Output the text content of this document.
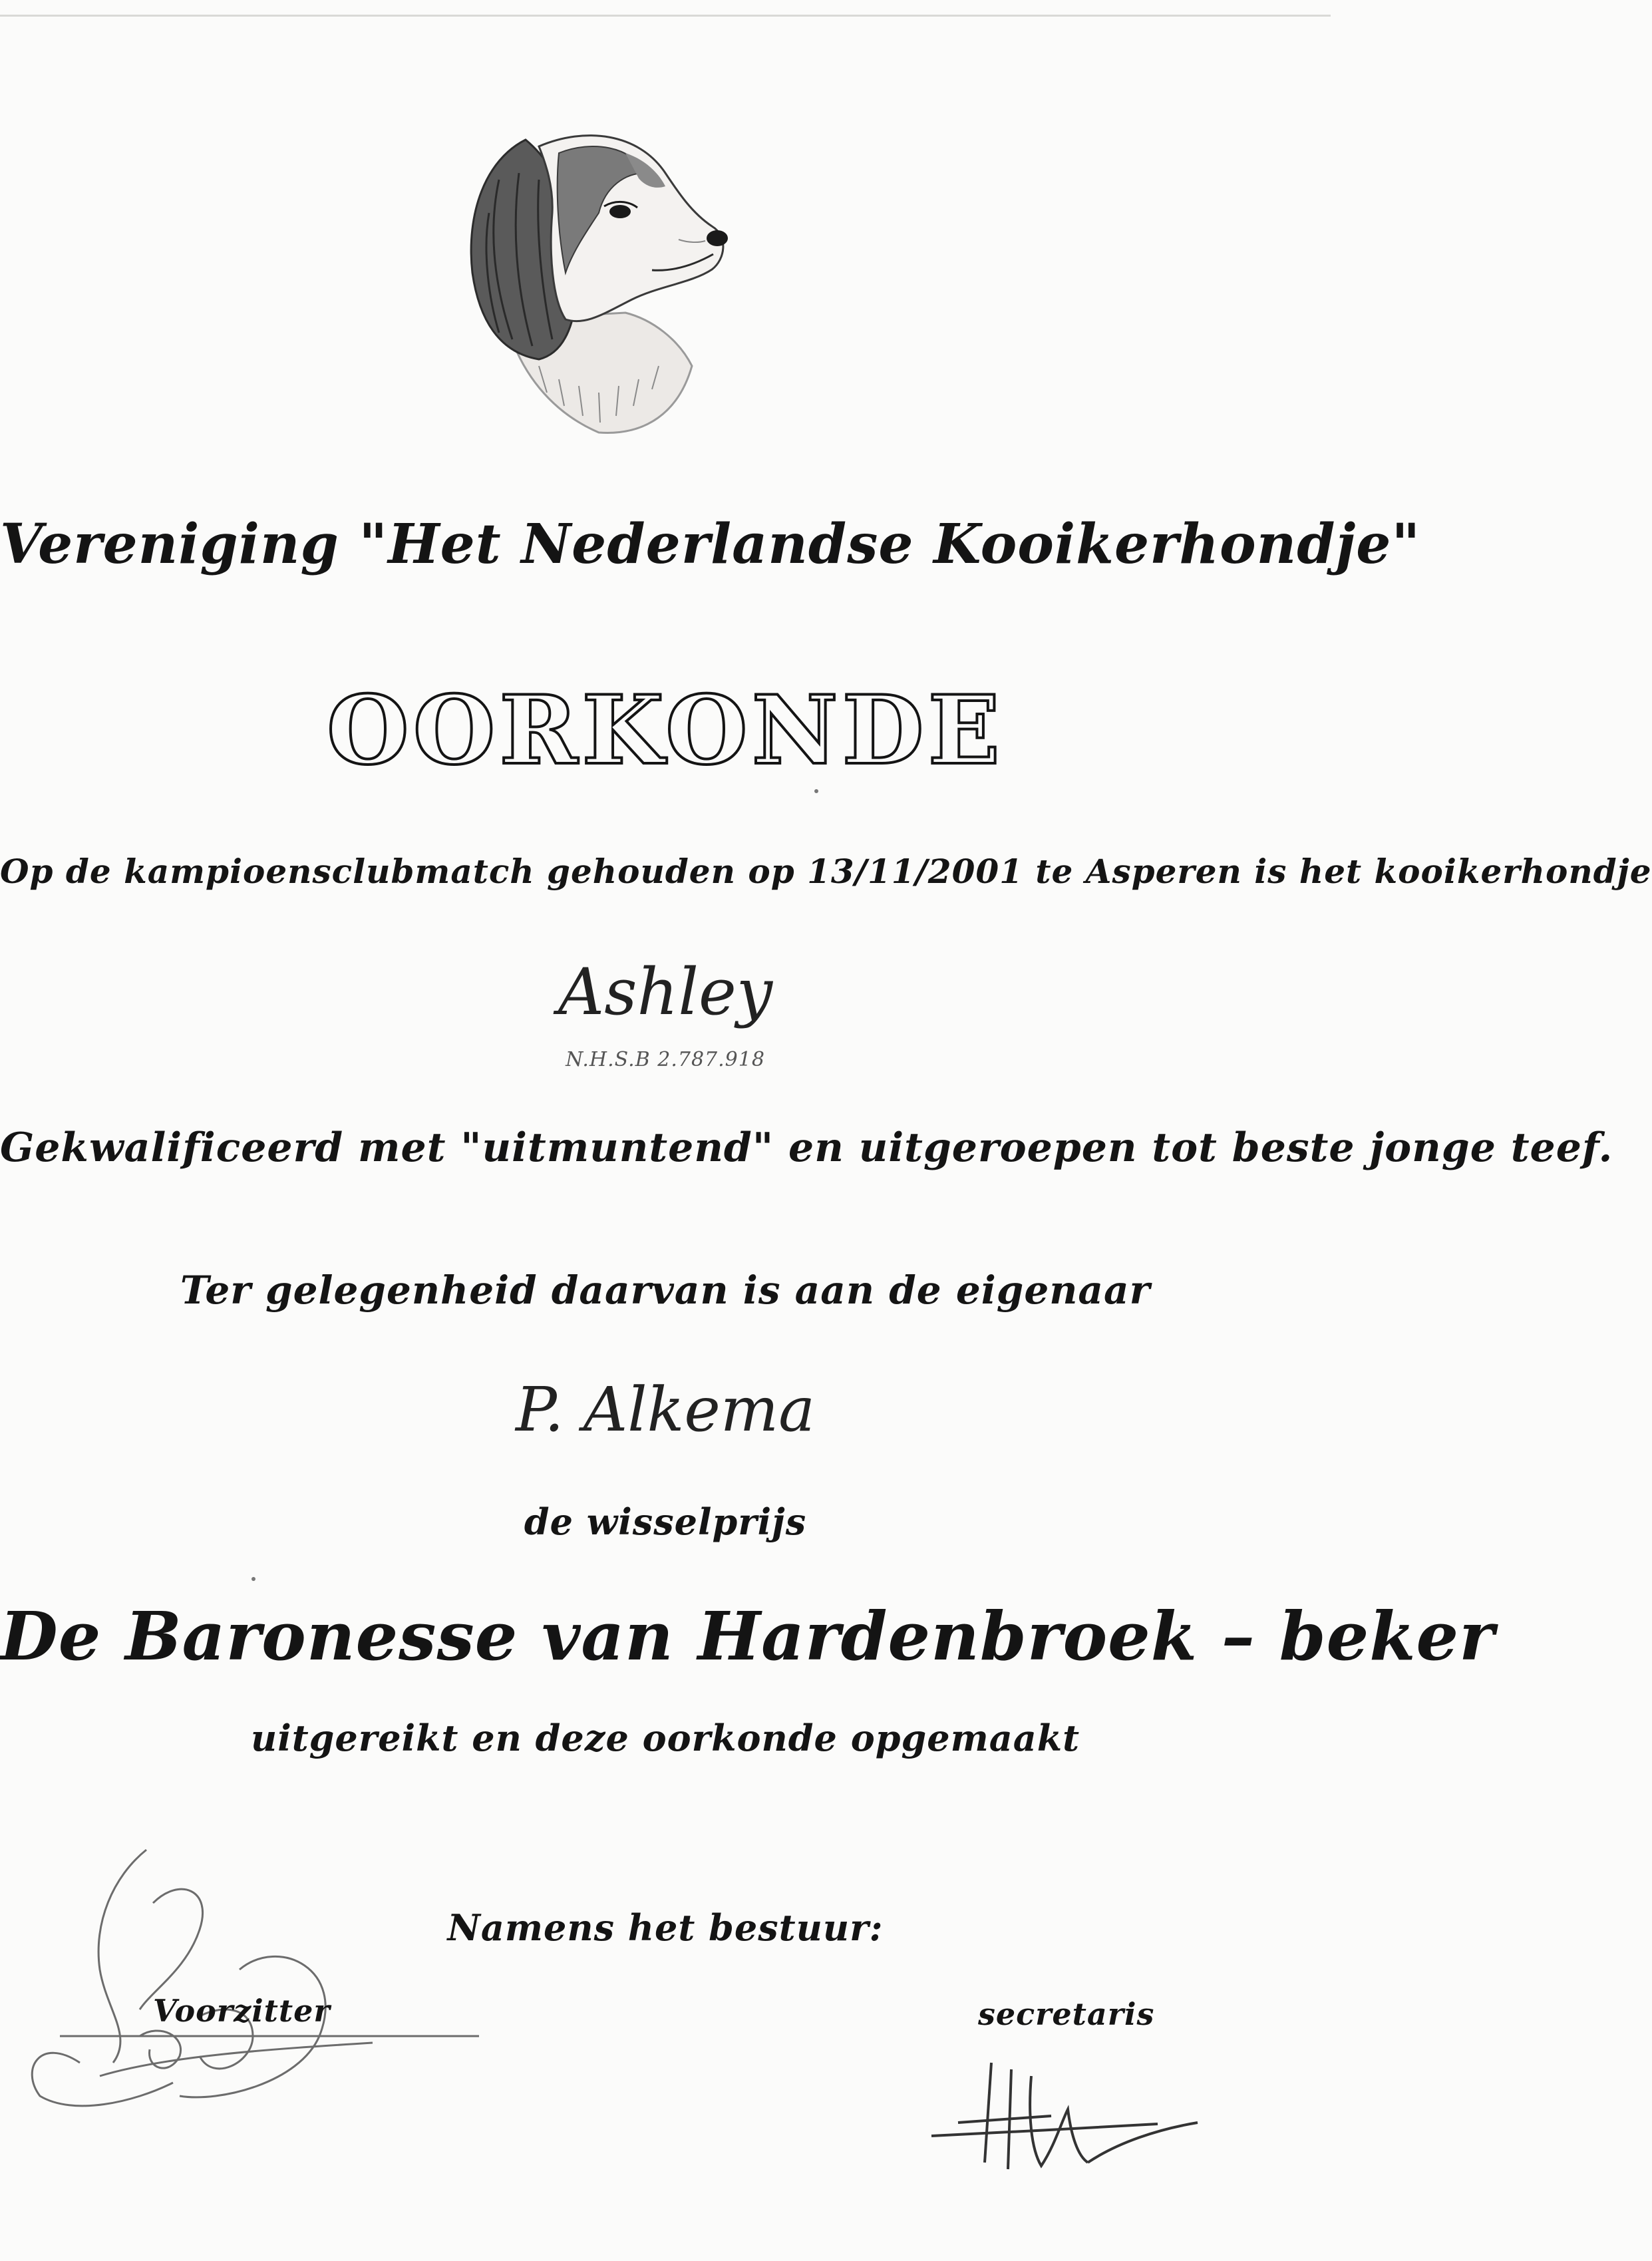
Vereniging "Het Nederlandse Kooikerhondje"
OORKONDE
Op de kampioensclubmatch gehouden op 13/11/2001 te Asperen is het kooikerhondje
Ashley
N.H.S.B 2.787.918
Gekwalificeerd met "uitmuntend" en uitgeroepen tot beste jonge teef.
Ter gelegenheid daarvan is aan de eigenaar
P. Alkema
de wisselprijs
De Baronesse van Hardenbroek – beker
uitgereikt en deze oorkonde opgemaakt
Namens het bestuur:
Voorzitter	secretaris
